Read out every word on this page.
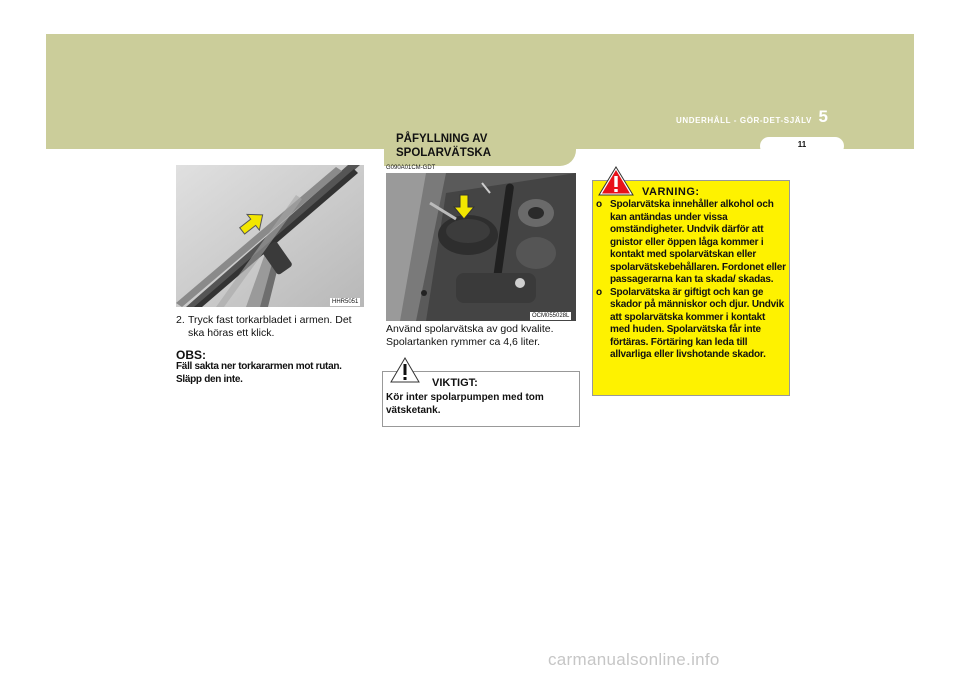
UNDERHÅLL - GÖR-DET-SJÄLV 5
11
HHR5051
2. Tryck fast torkarbladet i armen. Det ska höras ett klick.
OBS:
Fäll sakta ner torkararmen mot rutan. Släpp den inte.
PÅFYLLNING AV
SPOLARVÄTSKA
G090A01CM-GDT
OCM055028L
Använd spolarvätska av god kvalite. Spolartanken rymmer ca 4,6 liter.
VIKTIGT:
Kör inter spolarpumpen med tom vätsketank.
VARNING:
o Spolarvätska innehåller alkohol och kan antändas under vissa omständigheter. Undvik därför att gnistor eller öppen låga kommer i kontakt med spolarvätskan eller spolarvätskebehållaren. Fordonet eller passagerarna kan ta skada/ skadas.
o Spolarvätska är giftigt och kan ge skador på människor och djur. Undvik att spolarvätska kommer i kontakt med huden. Spolarvätska får inte förtäras. Förtäring kan leda till allvarliga eller livshotande skador.
carmanualsonline.info
